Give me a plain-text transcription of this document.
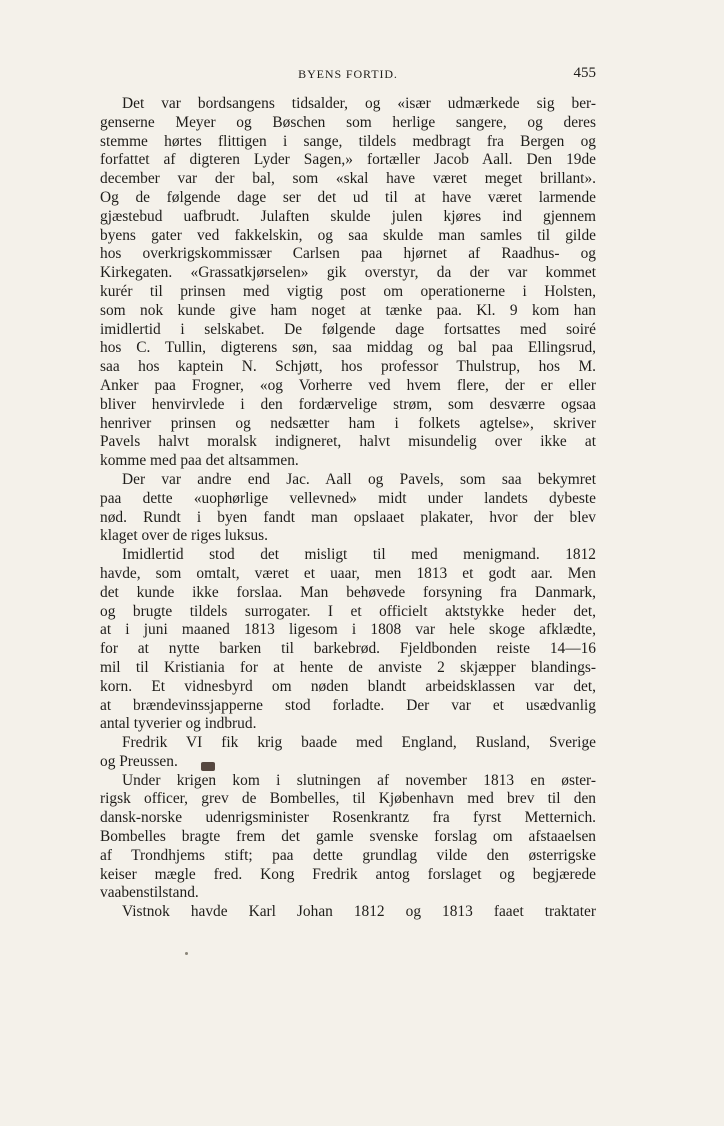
BYENS FORTID.	455
Det var bordsangens tidsalder, og «især udmærkede sig ber-
genserne Meyer og Bøschen som herlige sangere, og deres
stemme hørtes flittigen i sange, tildels medbragt fra Bergen og
forfattet af digteren Lyder Sagen,» fortæller Jacob Aall. Den 19de
december var der bal, som «skal have været meget brillant».
Og de følgende dage ser det ud til at have været larmende
gjæstebud uafbrudt. Julaften skulde julen kjøres ind gjennem
byens gater ved fakkelskin, og saa skulde man samles til gilde
hos overkrigskommissær Carlsen paa hjørnet af Raadhus- og
Kirkegaten. «Grassatkjørselen» gik overstyr, da der var kommet
kurér til prinsen med vigtig post om operationerne i Holsten,
som nok kunde give ham noget at tænke paa. Kl. 9 kom han
imidlertid i selskabet. De følgende dage fortsattes med soiré
hos C. Tullin, digterens søn, saa middag og bal paa Ellingsrud,
saa hos kaptein N. Schjøtt, hos professor Thulstrup, hos M.
Anker paa Frogner, «og Vorherre ved hvem flere, der er eller
bliver henvirvlede i den fordærvelige strøm, som desværre ogsaa
henriver prinsen og nedsætter ham i folkets agtelse», skriver
Pavels halvt moralsk indigneret, halvt misundelig over ikke at
komme med paa det altsammen.
Der var andre end Jac. Aall og Pavels, som saa bekymret
paa dette «uophørlige vellevned» midt under landets dybeste
nød. Rundt i byen fandt man opslaaet plakater, hvor der blev
klaget over de riges luksus.
Imidlertid stod det misligt til med menigmand. 1812
havde, som omtalt, været et uaar, men 1813 et godt aar. Men
det kunde ikke forslaa. Man behøvede forsyning fra Danmark,
og brugte tildels surrogater. I et officielt aktstykke heder det,
at i juni maaned 1813 ligesom i 1808 var hele skoge afklædte,
for at nytte barken til barkebrød. Fjeldbonden reiste 14—16
mil til Kristiania for at hente de anviste 2 skjæpper blandings-
korn. Et vidnesbyrd om nøden blandt arbeidsklassen var det,
at brændevinssjapperne stod forladte. Der var et usædvanlig
antal tyverier og indbrud.
Fredrik VI fik krig baade med England, Rusland, Sverige
og Preussen.
Under krigen kom i slutningen af november 1813 en øster-
rigsk officer, grev de Bombelles, til Kjøbenhavn med brev til den
dansk-norske udenrigsminister Rosenkrantz fra fyrst Metternich.
Bombelles bragte frem det gamle svenske forslag om afstaaelsen
af Trondhjems stift; paa dette grundlag vilde den østerrigske
keiser mægle fred. Kong Fredrik antog forslaget og begjærede
vaabenstilstand.
Vistnok havde Karl Johan 1812 og 1813 faaet traktater
